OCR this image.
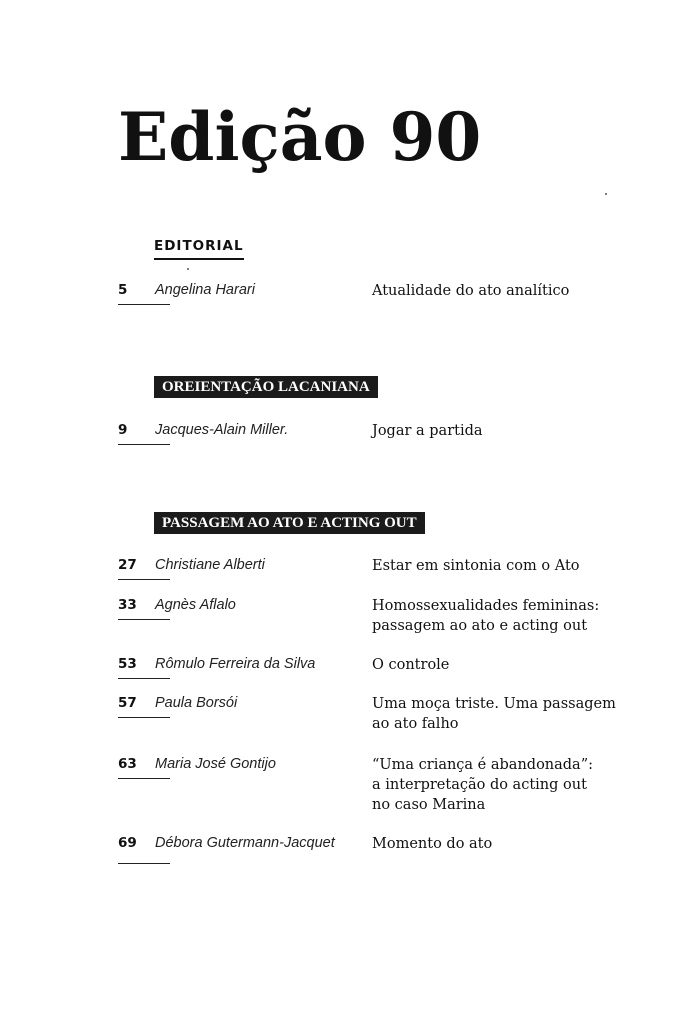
Edição 90
EDITORIAL
5 Angelina Harari	Atualidade do ato analítico
OREIENTAÇÃO LACANIANA
9 Jacques-Alain Miller.	Jogar a partida
PASSAGEM AO ATO E ACTING OUT
27 Christiane Alberti	Estar em sintonia com o Ato
33 Agnès Aflalo	Homossexualidades femininas:
passagem ao ato e acting out
53 Rômulo Ferreira da Silva	O controle
57 Paula Borsói	Uma moça triste. Uma passagem
ao ato falho
63 Maria José Gontijo	“Uma criança é abandonada”:
a interpretação do acting out
no caso Marina
69 Débora Gutermann-Jacquet	Momento do ato
